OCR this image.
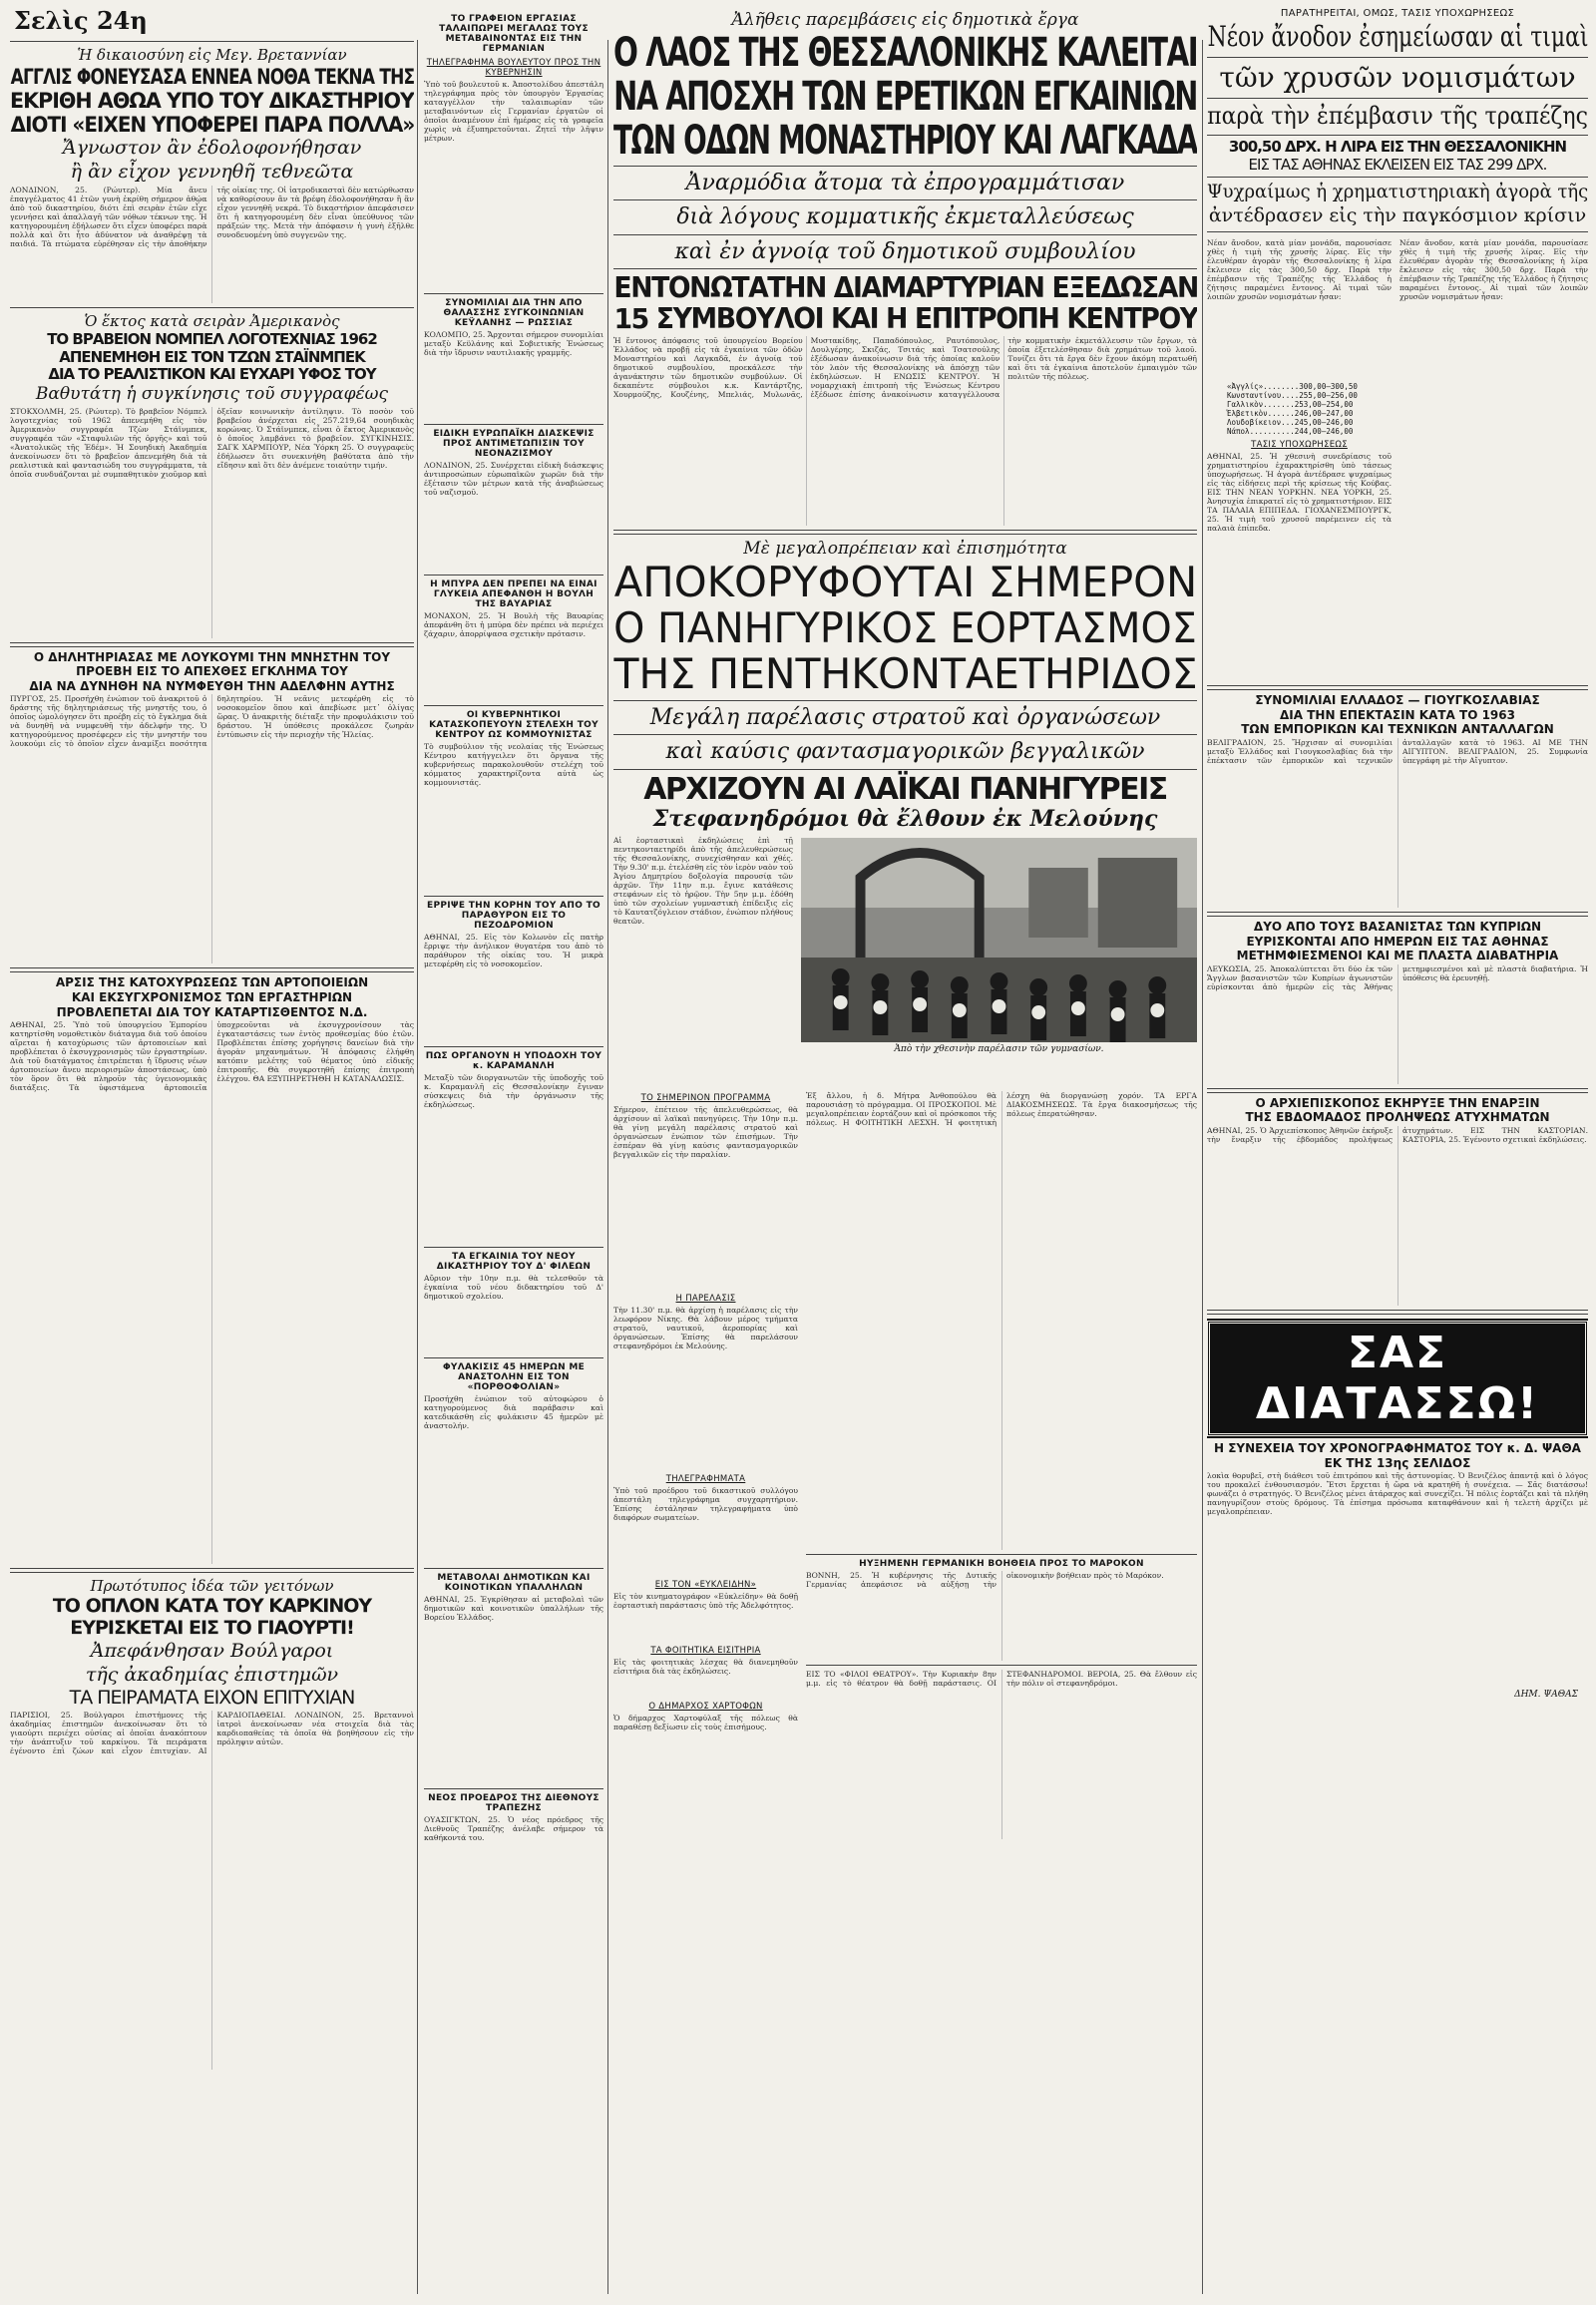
Σελὶς 24η
Ἡ δικαιοσύνη εἰς Μεγ. Βρεταννίαν
ΑΓΓΛΙΣ ΦΟΝΕΥΣΑΣΑ ΕΝΝΕΑ ΝΟΘΑ ΤΕΚΝΑ ΤΗΣ
ΕΚΡΙΘΗ ΑΘΩΑ ΥΠΟ ΤΟΥ ΔΙΚΑΣΤΗΡΙΟΥ
ΔΙΟΤΙ «ΕΙΧΕΝ ΥΠΟΦΕΡΕΙ ΠΑΡΑ ΠΟΛΛΑ»
Ἄγνωστον ἂν ἐδολοφονήθησαν
ἢ ἂν εἶχον γεννηθῆ τεθνεῶτα
ΛΟΝΔΙΝΟΝ, 25. (Ρώυτερ). Μία ἄνευ ἐπαγγέλματος 41 ἐτῶν γυνὴ ἐκρίθη σήμερον ἀθῴα ἀπὸ τοῦ δικαστηρίου, διότι ἐπὶ σειρὰν ἐτῶν εἶχε γεννήσει καὶ ἀπαλλαγῆ τῶν νόθων τέκνων της. Ἡ κατηγορουμένη ἐδήλωσεν ὅτι εἶχεν ὑποφέρει παρὰ πολλὰ καὶ ὅτι ἦτο ἀδύνατον νὰ ἀναθρέψῃ τὰ παιδιά. Τὰ πτώματα εὑρέθησαν εἰς τὴν ἀποθήκην τῆς οἰκίας της. Οἱ ἰατροδικασταὶ δὲν κατώρθωσαν νὰ καθορίσουν ἂν τὰ βρέφη ἐδολοφονήθησαν ἢ ἂν εἶχον γεννηθῆ νεκρά. Τὸ δικαστήριον ἀπεφάσισεν ὅτι ἡ κατηγορουμένη δὲν εἶναι ὑπεύθυνος τῶν πράξεών της. Μετὰ τὴν ἀπόφασιν ἡ γυνὴ ἐξῆλθε συνοδευομένη ὑπὸ συγγενῶν της.
Ὁ ἕκτος κατὰ σειρὰν Ἀμερικανὸς
ΤΟ ΒΡΑΒΕΙΟΝ ΝΟΜΠΕΛ ΛΟΓΟΤΕΧΝΙΑΣ 1962
ΑΠΕΝΕΜΗΘΗ ΕΙΣ ΤΟΝ ΤΖΩΝ ΣΤΑΪΝΜΠΕΚ
ΔΙΑ ΤΟ ΡΕΑΛΙΣΤΙΚΟΝ ΚΑΙ ΕΥΧΑΡΙ ΥΦΟΣ ΤΟΥ
Βαθυτάτη ἡ συγκίνησις τοῦ συγγραφέως
ΣΤΟΚΧΟΛΜΗ, 25. (Ρώυτερ). Τὸ βραβεῖον Νόμπελ λογοτεχνίας τοῦ 1962 ἀπενεμήθη εἰς τὸν Ἀμερικανὸν συγγραφέα Τζὼν Στάϊνμπεκ, συγγραφέα τῶν «Σταφυλιῶν τῆς ὀργῆς» καὶ τοῦ «Ἀνατολικῶς τῆς Ἐδέμ». Ἡ Σουηδικὴ Ἀκαδημία ἀνεκοίνωσεν ὅτι τὸ βραβεῖον ἀπενεμήθη διὰ τὰ ρεαλιστικὰ καὶ φαντασιώδη του συγγράμματα, τὰ ὁποῖα συνδυάζονται μὲ συμπαθητικὸν χιοῦμορ καὶ ὀξεῖαν κοινωνικὴν ἀντίληψιν. Τὸ ποσὸν τοῦ βραβείου ἀνέρχεται εἰς 257.219,64 σουηδικὰς κορώνας. Ὁ Στάϊνμπεκ, εἶναι ὁ ἕκτος Ἀμερικανὸς ὁ ὁποῖος λαμβάνει τὸ βραβεῖον. ΣΥΓΚΙΝΗΣΙΣ. ΣΑΓΚ ΧΑΡΜΠΟΥΡ, Νέα Ὑόρκη 25. Ὁ συγγραφεὺς ἐδήλωσεν ὅτι συνεκινήθη βαθύτατα ἀπὸ τὴν εἴδησιν καὶ ὅτι δὲν ἀνέμενε τοιαύτην τιμήν.
Ο ΔΗΛΗΤΗΡΙΑΣΑΣ ΜΕ ΛΟΥΚΟΥΜΙ ΤΗΝ ΜΝΗΣΤΗΝ ΤΟΥ
ΠΡΟΕΒΗ ΕΙΣ ΤΟ ΑΠΕΧΘΕΣ ΕΓΚΛΗΜΑ ΤΟΥ
ΔΙΑ ΝΑ ΔΥΝΗΘΗ ΝΑ ΝΥΜΦΕΥΘΗ ΤΗΝ ΑΔΕΛΦΗΝ ΑΥΤΗΣ
ΠΥΡΓΟΣ, 25. Προσήχθη ἐνώπιον τοῦ ἀνακριτοῦ ὁ δράστης τῆς δηλητηριάσεως τῆς μνηστῆς του, ὁ ὁποῖος ὡμολόγησεν ὅτι προέβη εἰς τὸ ἔγκλημα διὰ νὰ δυνηθῆ νὰ νυμφευθῆ τὴν ἀδελφήν της. Ὁ κατηγορούμενος προσέφερεν εἰς τὴν μνηστήν του λουκούμι εἰς τὸ ὁποῖον εἶχεν ἀναμίξει ποσότητα δηλητηρίου. Ἡ νεᾶνις μετεφέρθη εἰς τὸ νοσοκομεῖον ὅπου καὶ ἀπεβίωσε μετ᾽ ὀλίγας ὥρας. Ὁ ἀνακριτὴς διέταξε τὴν προφυλάκισιν τοῦ δράστου. Ἡ ὑπόθεσις προκάλεσε ζωηρὰν ἐντύπωσιν εἰς τὴν περιοχὴν τῆς Ἠλείας.
ΑΡΣΙΣ ΤΗΣ ΚΑΤΟΧΥΡΩΣΕΩΣ ΤΩΝ ΑΡΤΟΠΟΙΕΙΩΝ
ΚΑΙ ΕΚΣΥΓΧΡΟΝΙΣΜΟΣ ΤΩΝ ΕΡΓΑΣΤΗΡΙΩΝ
ΠΡΟΒΛΕΠΕΤΑΙ ΔΙΑ ΤΟΥ ΚΑΤΑΡΤΙΣΘΕΝΤΟΣ Ν.Δ.
ΑΘΗΝΑΙ, 25. Ὑπὸ τοῦ ὑπουργείου Ἐμπορίου κατηρτίσθη νομοθετικὸν διάταγμα διὰ τοῦ ὁποίου αἴρεται ἡ κατοχύρωσις τῶν ἀρτοποιείων καὶ προβλέπεται ὁ ἐκσυγχρονισμὸς τῶν ἐργαστηρίων. Διὰ τοῦ διατάγματος ἐπιτρέπεται ἡ ἵδρυσις νέων ἀρτοποιείων ἄνευ περιορισμῶν ἀποστάσεως, ὑπὸ τὸν ὅρον ὅτι θὰ πληροῦν τὰς ὑγειονομικὰς διατάξεις. Τὰ ὑφιστάμενα ἀρτοποιεῖα ὑποχρεοῦνται νὰ ἐκσυγχρονίσουν τὰς ἐγκαταστάσεις των ἐντὸς προθεσμίας δύο ἐτῶν. Προβλέπεται ἐπίσης χορήγησις δανείων διὰ τὴν ἀγορὰν μηχανημάτων. Ἡ ἀπόφασις ἐλήφθη κατόπιν μελέτης τοῦ θέματος ὑπὸ εἰδικῆς ἐπιτροπῆς. Θὰ συγκροτηθῆ ἐπίσης ἐπιτροπὴ ἐλέγχου. ΘΑ ΕΞΥΠΗΡΕΤΗΘΗ Η ΚΑΤΑΝΑΛΩΣΙΣ.
Πρωτότυπος ἰδέα τῶν γειτόνων
ΤΟ ΟΠΛΟΝ ΚΑΤΑ ΤΟΥ ΚΑΡΚΙΝΟΥ
ΕΥΡΙΣΚΕΤΑΙ ΕΙΣ ΤΟ ΓΙΑΟΥΡΤΙ!
Ἀπεφάνθησαν Βούλγαροι
τῆς ἀκαδημίας ἐπιστημῶν
ΤΑ ΠΕΙΡΑΜΑΤΑ ΕΙΧΟΝ ΕΠΙΤΥΧΙΑΝ
ΠΑΡΙΣΙΟΙ, 25. Βούλγαροι ἐπιστήμονες τῆς ἀκαδημίας ἐπιστημῶν ἀνεκοίνωσαν ὅτι τὸ γιαούρτι περιέχει οὐσίας αἱ ὁποῖαι ἀνακόπτουν τὴν ἀνάπτυξιν τοῦ καρκίνου. Τὰ πειράματα ἐγένοντο ἐπὶ ζώων καὶ εἶχον ἐπιτυχίαν. ΑΙ ΚΑΡΔΙΟΠΑΘΕΙΑΙ. ΛΟΝΔΙΝΟΝ, 25. Βρεταννοὶ ἰατροὶ ἀνεκοίνωσαν νέα στοιχεῖα διὰ τὰς καρδιοπαθείας τὰ ὁποῖα θὰ βοηθήσουν εἰς τὴν πρόληψιν αὐτῶν.
ΤΟ ΓΡΑΦΕΙΟΝ ΕΡΓΑΣΙΑΣ ΤΑΛΑΙΠΩΡΕΙ ΜΕΓΑΛΩΣ ΤΟΥΣ ΜΕΤΑΒΑΙΝΟΝΤΑΣ ΕΙΣ ΤΗΝ ΓΕΡΜΑΝΙΑΝ
ΤΗΛΕΓΡΑΦΗΜΑ ΒΟΥΛΕΥΤΟΥ ΠΡΟΣ ΤΗΝ ΚΥΒΕΡΝΗΣΙΝ
Ὑπὸ τοῦ βουλευτοῦ κ. Ἀποστολίδου ἀπεστάλη τηλεγράφημα πρὸς τὸν ὑπουργὸν Ἐργασίας καταγγέλλον τὴν ταλαιπωρίαν τῶν μεταβαινόντων εἰς Γερμανίαν ἐργατῶν οἱ ὁποῖοι ἀναμένουν ἐπὶ ἡμέρας εἰς τὰ γραφεῖα χωρὶς νὰ ἐξυπηρετοῦνται. Ζητεῖ τὴν λῆψιν μέτρων.
ΣΥΝΟΜΙΛΙΑΙ ΔΙΑ ΤΗΝ ΑΠΟ ΘΑΛΑΣΣΗΣ ΣΥΓΚΟΙΝΩΝΙΑΝ ΚΕΫΛΑΝΗΣ — ΡΩΣΣΙΑΣ
ΚΟΛΟΜΠΟ, 25. Ἄρχονται σήμερον συνομιλίαι μεταξὺ Κεϋλάνης καὶ Σοβιετικῆς Ἑνώσεως διὰ τὴν ἵδρυσιν ναυτιλιακῆς γραμμῆς.
ΕΙΔΙΚΗ ΕΥΡΩΠΑΪΚΗ ΔΙΑΣΚΕΨΙΣ ΠΡΟΣ ΑΝΤΙΜΕΤΩΠΙΣΙΝ ΤΟΥ ΝΕΟΝΑΖΙΣΜΟΥ
ΛΟΝΔΙΝΟΝ, 25. Συνέρχεται εἰδικὴ διάσκεψις ἀντιπροσώπων εὐρωπαϊκῶν χωρῶν διὰ τὴν ἐξέτασιν τῶν μέτρων κατὰ τῆς ἀναβιώσεως τοῦ ναζισμοῦ.
Η ΜΠΥΡΑ ΔΕΝ ΠΡΕΠΕΙ ΝΑ ΕΙΝΑΙ ΓΛΥΚΕΙΑ ΑΠΕΦΑΝΘΗ Η ΒΟΥΛΗ ΤΗΣ ΒΑΥΑΡΙΑΣ
ΜΟΝΑΧΟΝ, 25. Ἡ Βουλὴ τῆς Βαυαρίας ἀπεφάνθη ὅτι ἡ μπύρα δὲν πρέπει νὰ περιέχει ζάχαριν, ἀπορρίψασα σχετικὴν πρότασιν.
ΟΙ ΚΥΒΕΡΝΗΤΙΚΟΙ ΚΑΤΑΣΚΟΠΕΥΟΥΝ ΣΤΕΛΕΧΗ ΤΟΥ ΚΕΝΤΡΟΥ ΩΣ ΚΟΜΜΟΥΝΙΣΤΑΣ
Τὸ συμβούλιον τῆς νεολαίας τῆς Ἑνώσεως Κέντρου κατήγγειλεν ὅτι ὄργανα τῆς κυβερνήσεως παρακολουθοῦν στελέχη τοῦ κόμματος χαρακτηρίζοντα αὐτὰ ὡς κομμουνιστάς.
ΕΡΡΙΨΕ ΤΗΝ ΚΟΡΗΝ ΤΟΥ ΑΠΟ ΤΟ ΠΑΡΑΘΥΡΟΝ ΕΙΣ ΤΟ ΠΕΖΟΔΡΟΜΙΟΝ
ΑΘΗΝΑΙ, 25. Εἰς τὸν Κολωνὸν εἷς πατὴρ ἔρριψε τὴν ἀνήλικον θυγατέρα του ἀπὸ τὸ παράθυρον τῆς οἰκίας του. Ἡ μικρὰ μετεφέρθη εἰς τὸ νοσοκομεῖον.
ΠΩΣ ΟΡΓΑΝΟΥΝ Η ΥΠΟΔΟΧΗ ΤΟΥ κ. ΚΑΡΑΜΑΝΛΗ
Μεταξὺ τῶν διοργανωτῶν τῆς ὑποδοχῆς τοῦ κ. Καραμανλῆ εἰς Θεσσαλονίκην ἔγιναν σύσκεψεις διὰ τὴν ὀργάνωσιν τῆς ἐκδηλώσεως.
ΤΑ ΕΓΚΑΙΝΙΑ ΤΟΥ ΝΕΟΥ ΔΙΚΑΣΤΗΡΙΟΥ ΤΟΥ Δ' ΦΙΛΕΩΝ
Αὔριον τὴν 10ην π.μ. θὰ τελεσθοῦν τὰ ἐγκαίνια τοῦ νέου διδακτηρίου τοῦ Δ' δημοτικοῦ σχολείου.
ΦΥΛΑΚΙΣΙΣ 45 ΗΜΕΡΩΝ ΜΕ ΑΝΑΣΤΟΛΗΝ ΕΙΣ ΤΟΝ «ΠΟΡΘΟΦΟΛΙΑΝ»
Προσήχθη ἐνώπιον τοῦ αὐτοφώρου ὁ κατηγορούμενος διὰ παράβασιν καὶ κατεδικάσθη εἰς φυλάκισιν 45 ἡμερῶν μὲ ἀναστολήν.
ΜΕΤΑΒΟΛΑΙ ΔΗΜΟΤΙΚΩΝ ΚΑΙ ΚΟΙΝΟΤΙΚΩΝ ΥΠΑΛΛΗΛΩΝ
ΑΘΗΝΑΙ, 25. Ἐγκρίθησαν αἱ μεταβολαὶ τῶν δημοτικῶν καὶ κοινοτικῶν ὑπαλλήλων τῆς Βορείου Ἑλλάδος.
ΝΕΟΣ ΠΡΟΕΔΡΟΣ ΤΗΣ ΔΙΕΘΝΟΥΣ ΤΡΑΠΕΖΗΣ
ΟΥΑΣΙΓΚΤΩΝ, 25. Ὁ νέος πρόεδρος τῆς Διεθνοῦς Τραπέζης ἀνέλαβε σήμερον τὰ καθήκοντά του.
Ἀλῆθεις παρεμβάσεις εἰς δημοτικὰ ἔργα
Ο ΛΑΟΣ ΤΗΣ ΘΕΣΣΑΛΟΝΙΚΗΣ ΚΑΛΕΙΤΑΙ
ΝΑ ΑΠΟΣΧΗ ΤΩΝ ΕΡΕΤΙΚΩΝ ΕΓΚΑΙΝΙΩΝ
ΤΩΝ ΟΔΩΝ ΜΟΝΑΣΤΗΡΙΟΥ ΚΑΙ ΛΑΓΚΑΔΑ
Ἀναρμόδια ἄτομα τὰ ἐπρογραμμάτισαν
διὰ λόγους κομματικῆς ἐκμεταλλεύσεως
καὶ ἐν ἀγνοίᾳ τοῦ δημοτικοῦ συμβουλίου
ΕΝΤΟΝΩΤΑΤΗΝ ΔΙΑΜΑΡΤΥΡΙΑΝ ΕΞΕΔΩΣΑΝ
15 ΣΥΜΒΟΥΛΟΙ ΚΑΙ Η ΕΠΙΤΡΟΠΗ ΚΕΝΤΡΟΥ
Ἡ ἔντονος ἀπόφασις τοῦ ὑπουργείου Βορείου Ἑλλάδος νὰ προβῇ εἰς τὰ ἐγκαίνια τῶν ὁδῶν Μοναστηρίου καὶ Λαγκαδᾶ, ἐν ἀγνοίᾳ τοῦ δημοτικοῦ συμβουλίου, προεκάλεσε τὴν ἀγανάκτησιν τῶν δημοτικῶν συμβούλων. Οἱ δεκαπέντε σύμβουλοι κ.κ. Καντάρτζης, Χουρμούζης, Κουζένης, Μπελιάς, Μυλωνᾶς, Μυστακίδης, Παπαδόπουλος, Ραυτόπουλος, Δουλγέρης, Σκιζάς, Τσιτάς καὶ Τσατσούλης ἐξέδωσαν ἀνακοίνωσιν διὰ τῆς ὁποίας καλοῦν τὸν λαὸν τῆς Θεσσαλονίκης νὰ ἀπόσχῃ τῶν ἐκδηλώσεων. Η ΕΝΩΣΙΣ ΚΕΝΤΡΟΥ. Ἡ νομαρχιακὴ ἐπιτροπὴ τῆς Ἑνώσεως Κέντρου ἐξέδωσε ἐπίσης ἀνακοίνωσιν καταγγέλλουσα τὴν κομματικὴν ἐκμετάλλευσιν τῶν ἔργων, τὰ ὁποῖα ἐξετελέσθησαν διὰ χρημάτων τοῦ λαοῦ. Τονίζει ὅτι τὰ ἔργα δὲν ἔχουν ἀκόμη περατωθῆ καὶ ὅτι τὰ ἐγκαίνια ἀποτελοῦν ἐμπαιγμὸν τῶν πολιτῶν τῆς πόλεως.
Μὲ μεγαλοπρέπειαν καὶ ἐπισημότητα
ΑΠΟΚΟΡΥΦΟΥΤΑΙ ΣΗΜΕΡΟΝ
Ο ΠΑΝΗΓΥΡΙΚΟΣ ΕΟΡΤΑΣΜΟΣ
ΤΗΣ ΠΕΝΤΗΚΟΝΤΑΕΤΗΡΙΔΟΣ
Μεγάλη παρέλασις στρατοῦ καὶ ὀργανώσεων
καὶ καύσις φαντασμαγορικῶν βεγγαλικῶν
ΑΡΧΙΖΟΥΝ ΑΙ ΛΑΪΚΑΙ ΠΑΝΗΓΥΡΕΙΣ
Στεφανηδρόμοι θὰ ἔλθουν ἐκ Μελούνης
Αἱ ἑορταστικαὶ ἐκδηλώσεις ἐπὶ τῇ πεντηκονταετηρίδι ἀπὸ τῆς ἀπελευθερώσεως τῆς Θεσσαλονίκης, συνεχίσθησαν καὶ χθές. Τὴν 9.30' π.μ. ἐτελέσθη εἰς τὸν ἱερὸν ναὸν τοῦ Ἁγίου Δημητρίου δοξολογία παρουσίᾳ τῶν ἀρχῶν. Τὴν 11ην π.μ. ἔγινε κατάθεσις στεφάνων εἰς τὸ ἡρῷον. Τὴν 5ην μ.μ. ἐδόθη ὑπὸ τῶν σχολείων γυμναστικὴ ἐπίδειξις εἰς τὸ Καυτατζόγλειον στάδιον, ἐνώπιον πλήθους θεατῶν.
Ἀπὸ τὴν χθεσινὴν παρέλασιν τῶν γυμνασίων.
ΤΟ ΣΗΜΕΡΙΝΟΝ ΠΡΟΓΡΑΜΜΑ
Σήμερον, ἐπέτειον τῆς ἀπελευθερώσεως, θὰ ἀρχίσουν αἱ λαϊκαὶ πανηγύρεις. Τὴν 10ην π.μ. θὰ γίνῃ μεγάλη παρέλασις στρατοῦ καὶ ὀργανώσεων ἐνώπιον τῶν ἐπισήμων. Τὴν ἑσπέραν θὰ γίνῃ καύσις φαντασμαγορικῶν βεγγαλικῶν εἰς τὴν παραλίαν.
Η ΠΑΡΕΛΑΣΙΣ
Τὴν 11.30' π.μ. θὰ ἀρχίσῃ ἡ παρέλασις εἰς τὴν λεωφόρον Νίκης. Θὰ λάβουν μέρος τμήματα στρατοῦ, ναυτικοῦ, ἀεροπορίας καὶ ὀργανώσεων. Ἐπίσης θὰ παρελάσουν στεφανηδρόμοι ἐκ Μελούνης.
ΤΗΛΕΓΡΑΦΗΜΑΤΑ
Ὑπὸ τοῦ προέδρου τοῦ δικαστικοῦ συλλόγου ἀπεστάλη τηλεγράφημα συγχαρητήριον. Ἐπίσης ἐστάλησαν τηλεγραφήματα ὑπὸ διαφόρων σωματείων.
ΕΙΣ ΤΟΝ «ΕΥΚΛΕΙΔΗΝ»
Εἰς τὸν κινηματογράφον «Εὐκλείδην» θὰ δοθῇ ἑορταστικὴ παράστασις ὑπὸ τῆς Ἀδελφότητος.
ΤΑ ΦΟΙΤΗΤΙΚΑ ΕΙΣΙΤΗΡΙΑ
Εἰς τὰς φοιτητικὰς λέσχας θὰ διανεμηθοῦν εἰσιτήρια διὰ τὰς ἐκδηλώσεις.
Ο ΔΗΜΑΡΧΟΣ ΧΑΡΤΟΦΩΝ
Ὁ δήμαρχος Χαρτοφύλαξ τῆς πόλεως θὰ παραθέσῃ δεξίωσιν εἰς τοὺς ἐπισήμους.
Ἐξ ἄλλου, ἡ δ. Μήτρα Ἀνθοπούλου θὰ παρουσιάσῃ τὸ πρόγραμμα. ΟΙ ΠΡΟΣΚΟΠΟΙ. Μὲ μεγαλοπρέπειαν ἑορτάζουν καὶ οἱ πρόσκοποι τῆς πόλεως. Η ΦΟΙΤΗΤΙΚΗ ΛΕΣΧΗ. Ἡ φοιτητικὴ λέσχη θὰ διοργανώσῃ χορόν. ΤΑ ΕΡΓΑ ΔΙΑΚΟΣΜΗΣΕΩΣ. Τὰ ἔργα διακοσμήσεως τῆς πόλεως ἐπερατώθησαν.
ΗΥΞΗΜΕΝΗ ΓΕΡΜΑΝΙΚΗ ΒΟΗΘΕΙΑ ΠΡΟΣ ΤΟ ΜΑΡΟΚΟΝ
ΒΟΝΝΗ, 25. Ἡ κυβέρνησις τῆς Δυτικῆς Γερμανίας ἀπεφάσισε νὰ αὐξήσῃ τὴν οἰκονομικὴν βοήθειαν πρὸς τὸ Μαρόκον.
ΕΙΣ ΤΟ «ΦΙΛΟΙ ΘΕΑΤΡΟΥ». Τὴν Κυριακὴν 8ην μ.μ. εἰς τὸ θέατρον θὰ δοθῇ παράστασις. ΟΙ ΣΤΕΦΑΝΗΔΡΟΜΟΙ. ΒΕΡΟΙΑ, 25. Θὰ ἔλθουν εἰς τὴν πόλιν οἱ στεφανηδρόμοι.
ΠΑΡΑΤΗΡΕΙΤΑΙ, ΟΜΩΣ, ΤΑΣΙΣ ΥΠΟΧΩΡΗΣΕΩΣ
Νέον ἄνοδον ἐσημείωσαν αἱ τιμαὶ
τῶν χρυσῶν νομισμάτων
παρὰ τὴν ἐπέμβασιν τῆς τραπέζης
300,50 ΔΡΧ. Η ΛΙΡΑ ΕΙΣ ΤΗΝ ΘΕΣΣΑΛΟΝΙΚΗΝ
ΕΙΣ ΤΑΣ ΑΘΗΝΑΣ ΕΚΛΕΙΣΕΝ ΕΙΣ ΤΑΣ 299 ΔΡΧ.
Ψυχραίμως ἡ χρηματιστηριακὴ ἀγορὰ τῆς
ἀντέδρασεν εἰς τὴν παγκόσμιον κρίσιν
Νέαν ἄνοδον, κατὰ μίαν μονάδα, παρουσίασε χθὲς ἡ τιμὴ τῆς χρυσῆς λίρας. Εἰς τὴν ἐλευθέραν ἀγορὰν τῆς Θεσσαλονίκης ἡ λίρα ἔκλεισεν εἰς τὰς 300,50 δρχ. Παρὰ τὴν ἐπέμβασιν τῆς Τραπέζης τῆς Ἑλλάδος ἡ ζήτησις παραμένει ἔντονος. Αἱ τιμαὶ τῶν λοιπῶν χρυσῶν νομισμάτων ἦσαν:
«Ἀγγλίς»........300,00—300,50
Κωνσταντίνου....255,00—256,00
Γαλλικὸν.......253,00—254,00
Ἑλβετικὸν......246,00—247,00
Λουδοβίκειον...245,00—246,00
Νάπολ..........244,00—246,00
ΤΑΣΙΣ ΥΠΟΧΩΡΗΣΕΩΣ
ΑΘΗΝΑΙ, 25. Ἡ χθεσινὴ συνεδρίασις τοῦ χρηματιστηρίου ἐχαρακτηρίσθη ὑπὸ τάσεως ὑποχωρήσεως. Ἡ ἀγορὰ ἀντέδρασε ψυχραίμως εἰς τὰς εἰδήσεις περὶ τῆς κρίσεως τῆς Κούβας. ΕΙΣ ΤΗΝ ΝΕΑΝ ΥΟΡΚΗΝ. ΝΕΑ ΥΟΡΚΗ, 25. Ἀνησυχία ἐπικρατεῖ εἰς τὸ χρηματιστήριον. ΕΙΣ ΤΑ ΠΑΛΑΙΑ ΕΠΙΠΕΔΑ. ΓΙΟΧΑΝΕΣΜΠΟΥΡΓΚ, 25. Ἡ τιμὴ τοῦ χρυσοῦ παρέμεινεν εἰς τὰ παλαιὰ ἐπίπεδα.
Νέαν ἄνοδον, κατὰ μίαν μονάδα, παρουσίασε χθὲς ἡ τιμὴ τῆς χρυσῆς λίρας. Εἰς τὴν ἐλευθέραν ἀγορὰν τῆς Θεσσαλονίκης ἡ λίρα ἔκλεισεν εἰς τὰς 300,50 δρχ. Παρὰ τὴν ἐπέμβασιν τῆς Τραπέζης τῆς Ἑλλάδος ἡ ζήτησις παραμένει ἔντονος. Αἱ τιμαὶ τῶν λοιπῶν χρυσῶν νομισμάτων ἦσαν:
ΣΥΝΟΜΙΛΙΑΙ ΕΛΛΑΔΟΣ — ΓΙΟΥΓΚΟΣΛΑΒΙΑΣ
ΔΙΑ ΤΗΝ ΕΠΕΚΤΑΣΙΝ ΚΑΤΑ ΤΟ 1963
ΤΩΝ ΕΜΠΟΡΙΚΩΝ ΚΑΙ ΤΕΧΝΙΚΩΝ ΑΝΤΑΛΛΑΓΩΝ
ΒΕΛΙΓΡΑΔΙΟΝ, 25. Ἤρχισαν αἱ συνομιλίαι μεταξὺ Ἑλλάδος καὶ Γιουγκοσλαβίας διὰ τὴν ἐπέκτασιν τῶν ἐμπορικῶν καὶ τεχνικῶν ἀνταλλαγῶν κατὰ τὸ 1963. ΑΙ ΜΕ ΤΗΝ ΑΙΓΥΠΤΟΝ. ΒΕΛΙΓΡΑΔΙΟΝ, 25. Συμφωνία ὑπεγράφη μὲ τὴν Αἴγυπτον.
ΔΥΟ ΑΠΟ ΤΟΥΣ ΒΑΣΑΝΙΣΤΑΣ ΤΩΝ ΚΥΠΡΙΩΝ
ΕΥΡΙΣΚΟΝΤΑΙ ΑΠΟ ΗΜΕΡΩΝ ΕΙΣ ΤΑΣ ΑΘΗΝΑΣ
ΜΕΤΗΜΦΙΕΣΜΕΝΟΙ ΚΑΙ ΜΕ ΠΛΑΣΤΑ ΔΙΑΒΑΤΗΡΙΑ
ΛΕΥΚΩΣΙΑ, 25. Ἀποκαλύπτεται ὅτι δύο ἐκ τῶν Ἄγγλων βασανιστῶν τῶν Κυπρίων ἀγωνιστῶν εὑρίσκονται ἀπὸ ἡμερῶν εἰς τὰς Ἀθήνας μετημφιεσμένοι καὶ μὲ πλαστὰ διαβατήρια. Ἡ ὑπόθεσις θὰ ἐρευνηθῇ.
Ο ΑΡΧΙΕΠΙΣΚΟΠΟΣ ΕΚΗΡΥΞΕ ΤΗΝ ΕΝΑΡΞΙΝ
ΤΗΣ ΕΒΔΟΜΑΔΟΣ ΠΡΟΛΗΨΕΩΣ ΑΤΥΧΗΜΑΤΩΝ
ΑΘΗΝΑΙ, 25. Ὁ Ἀρχιεπίσκοπος Ἀθηνῶν ἐκήρυξε τὴν ἔναρξιν τῆς ἑβδομάδος προλήψεως ἀτυχημάτων. ΕΙΣ ΤΗΝ ΚΑΣΤΟΡΙΑΝ. ΚΑΣΤΟΡΙΑ, 25. Ἐγένοντο σχετικαὶ ἐκδηλώσεις.
ΣΑΣ ΔΙΑΤΑΣΣΩ!
Η ΣΥΝΕΧΕΙΑ ΤΟΥ ΧΡΟΝΟΓΡΑΦΗΜΑΤΟΣ ΤΟΥ κ. Δ. ΨΑΘΑ
ΕΚ ΤΗΣ 13ης ΣΕΛΙΔΟΣ
λοκὶα θορυβεῖ, στὴ διάθεσι τοῦ ἐπιτρόπου καὶ τῆς ἀστυνομίας. Ὁ Βενιζέλος ἀπαντᾷ καὶ ὁ λόγος του προκαλεῖ ἐνθουσιασμόν. Ἔτσι ἔρχεται ἡ ὥρα νὰ κρατηθῆ ἡ συνέχεια. — Σᾶς διατάσσω! φωνάζει ὁ στρατηγός. Ὁ Βενιζέλος μένει ἀτάραχος καὶ συνεχίζει. Ἡ πόλις ἑορτάζει καὶ τὰ πλήθη πανηγυρίζουν στοὺς δρόμους. Τὰ ἐπίσημα πρόσωπα καταφθάνουν καὶ ἡ τελετὴ ἀρχίζει μὲ μεγαλοπρέπειαν.
ΔΗΜ. ΨΑΘΑΣ
